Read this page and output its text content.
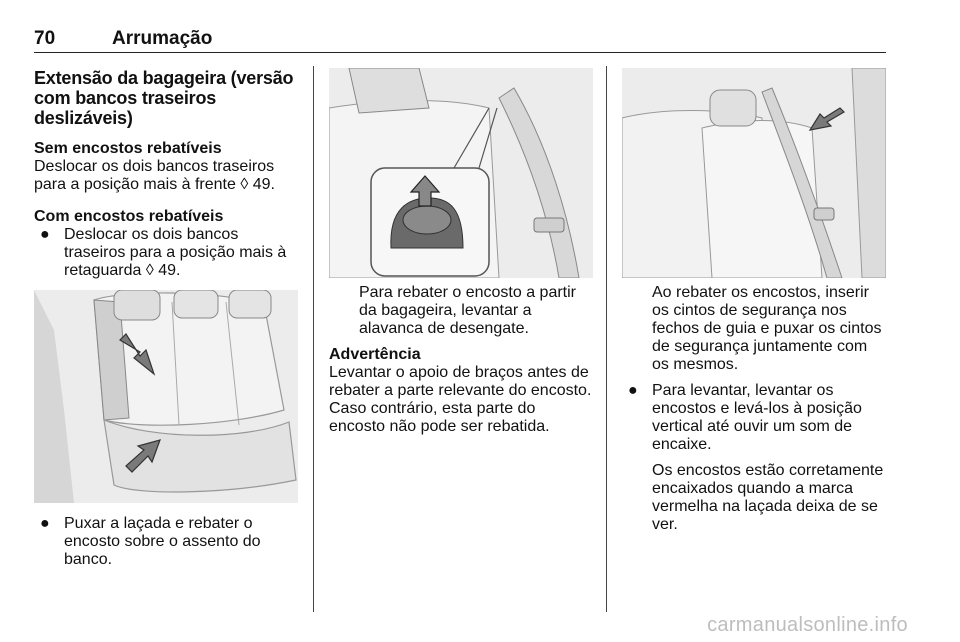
70	Arrumação
Extensão da bagageira (versão com bancos traseiros deslizáveis)
Sem encostos rebatíveis

Deslocar os dois bancos traseiros para a posição mais à frente ◊ 49.

Com encostos rebatíveis
● Deslocar os dois bancos traseiros para a posição mais à retaguarda ◊ 49.
● Puxar a laçada e rebater o encosto sobre o assento do banco.

Para rebater o encosto a partir da bagageira, levantar a alavanca de desengate.

Advertência

Levantar o apoio de braços antes de rebater a parte relevante do encosto. Caso contrário, esta parte do encosto não pode ser rebatida.

Ao rebater os encostos, inserir os cintos de segurança nos fechos de guia e puxar os cintos de segurança juntamente com os mesmos.

● Para levantar, levantar os encostos e levá-los à posição vertical até ouvir um som de encaixe.

Os encostos estão corretamente encaixados quando a marca vermelha na laçada deixa de se ver.

carmanualsonline.info
